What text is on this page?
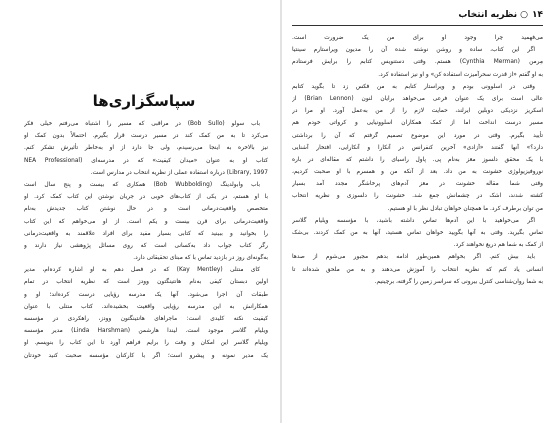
۱۴○نظریه انتخاب
می‌فهمید چرا وجود او برای من یک ضرورت است.
اگر این کتاب، ساده و روشن نوشته شده آن را مدیون ویراستارم سینتیا
مِرمن (Cynthia Merman) هستم. وقتی دستنویس کتابم را برایش فرستادم
به او گفتم «از قدرت سحرآمیزت استفاده کن» و او نیز استفاده کرد.
وقتی در اسلوونی بودم و ویراستار کتابم به من فکس زد تا بگوید کتابم
عالی است برای یک عنوان فرعی می‌خواهد برایان لنون (Brian Lennon) از
اسکریز نزدیکی دوبلین ایرلند، حمایت لازم را از من به‌عمل آورد. او مرا در
مسیر درست انداخت اما از کمک همکاران اسلوونیایی و کرواتی خودم هم
تأیید بگیرم. وقتی در مورد این موضوع تصمیم گرفتم که آن را برداشتی
دارد؟» آنها گفتند «آزادی» آخرین کنفرانس در آنکارا و آنکارایی، افتخار آشنایی
با یک محقق دلسوز مغز به‌نام پی. پاول راسیای را داشتم که مقاله‌ای در باره
نوروفیزیولوژی خشونت به من داد. بعد از آنکه من و همسرم با او صحبت کردیم،
وقتی شما مقاله خشونت در مغز آدم‌های پرخاشگر مجدد آمد بسیار
کشته شدند، اشک در چشمانش جمع شد. خشونت را دلسوزی و نظریه انتخاب
من توان برطرف کرد. ما همچنان خواهان تبادل نظر با او هستیم.
اگر می‌خواهید با این آدم‌ها تماس داشته باشید، با مؤسسه ویلیام گلاسر
تماس بگیرید. وقتی به آنها بگویید خواهان تماس هستید، آنها به من کمک کردند. بی‌شک
از کمک به شما هم دریغ نخواهند کرد.
باید بیش کنم. اگر بخواهم همین‌طور ادامه بدهم مجبور می‌شوم از صدها
انسانی یاد کنم که نظریه انتخاب را آموزش می‌دهند و به من ملحق شده‌اند تا
به شما روان‌شناسی کنترل بیرونی که سراسر زمین را گرفته، برچینیم.
سپاسگزاری‌ها
باب سولو (Bob Sullo) در مراقبی که مسیر را اشتباه می‌رفتم خیلی فکر
می‌کرد تا به من کمک کند در مسیر درست قرار بگیرم. احتمالاً بدون کمک او
نیز بالاخره به اینجا می‌رسیدم، ولی جا دارد از او به‌خاطر تأثیرش تشکر کنم.
کتاب او به عنوان «میدان کیفیت» که در مدرسه‌ای (NEA Professional
Library, 1997) درباره استفاده عملی از نظریه انتخاب در مدارس است.
باب وابولدینگ (Bob Wubbolding) همکاری که بیست و پنج سال است
با او هستم، در یکی از کتاب‌های خوبی در جریان نوشتن این کتاب کمک کرد. او
متخصص واقعیت‌درمانی است و در حال نوشتن کتاب جدیدش به‌نام
واقعیت‌درمانی برای قرن بیست و یکم است. از او می‌خواهم که این کتاب
را بخوانید و ببینید که کتابی بسیار مفید برای افراد علاقمند به واقعیت‌درمانی
رگر کتاب جواب داد به‌کسانی است که روی مسائل پژوهشی نیاز دارند و
به‌گونه‌ای روز در بازدید تماس با که مبنای تحقیقاتی دارد.
کای منتلی (Kay Mentley) که در فصل دهم به او اشاره کرده‌ام، مدیر
اولین دبستان کیفی به‌نام هانتینگتون وودز است که نظریه انتخاب در تمام
طبقات آن اجرا می‌شود. آنها یک مدرسه رؤیایی درست کرده‌اند؛ او و
همکارانش به این مدرسه رؤیایی واقعیت بخشیده‌اند. کتاب منتلی با عنوان
کیفیت نکته کلیدی است: ماجراهای هانتینگتون وودز، راهکردی در مؤسسه
ویلیام گلاسر موجود است. لیندا هارشمن (Linda Harshman) مدیر مؤسسه
ویلیام گلاسر این امکان و وقت را برایم فراهم آورد تا این کتاب را بنویسم. او
یک مدیر نمونه و پیشرو است؛ اگر با کارکنان مؤسسه صحبت کنید خودتان
